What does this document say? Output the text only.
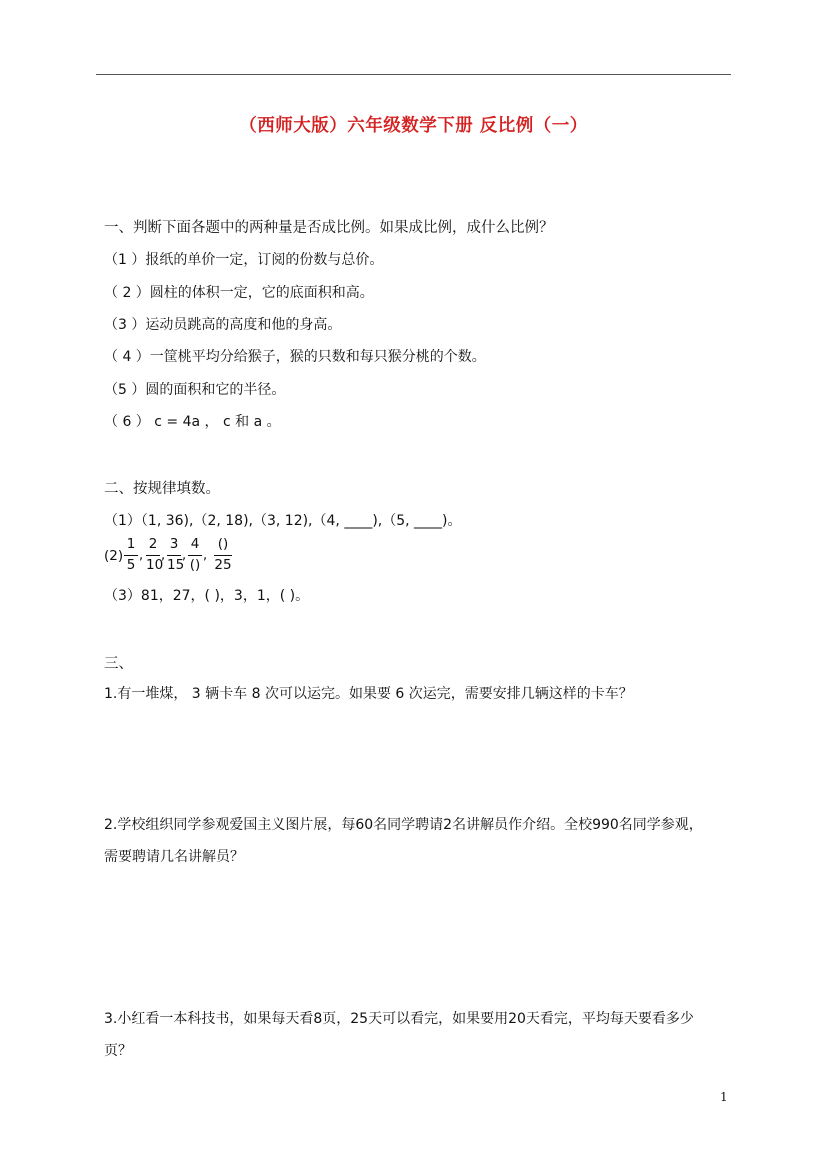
（西师大版）六年级数学下册 反比例（一）
一、判断下面各题中的两种量是否成比例。如果成比例，成什么比例？
（1 ）报纸的单价一定，订阅的份数与总价。
（ 2 ）圆柱的体积一定，它的底面积和高。
（3 ）运动员跳高的高度和他的身高。
（ 4 ）一筐桃平均分给猴子，猴的只数和每只猴分桃的个数。
（5 ）圆的面积和它的半径。
（ 6 ） c = 4a ， c 和 a 。
二、按规律填数。
（1）（1, 36),（2, 18),（3, 12),（4, ____),（5, ____)。
(2)
1
5
,
2
10
,
3
15
,
4
()
,
()
25
（3）81，27，( )，3，1，( )。
三、
1.有一堆煤， 3 辆卡车 8 次可以运完。如果要 6 次运完，需要安排几辆这样的卡车？
2.学校组织同学参观爱国主义图片展，每60名同学聘请2名讲解员作介绍。全校990名同学参观，
需要聘请几名讲解员？
3.小红看一本科技书，如果每天看8页，25天可以看完，如果要用20天看完，平均每天要看多少
页？
1
